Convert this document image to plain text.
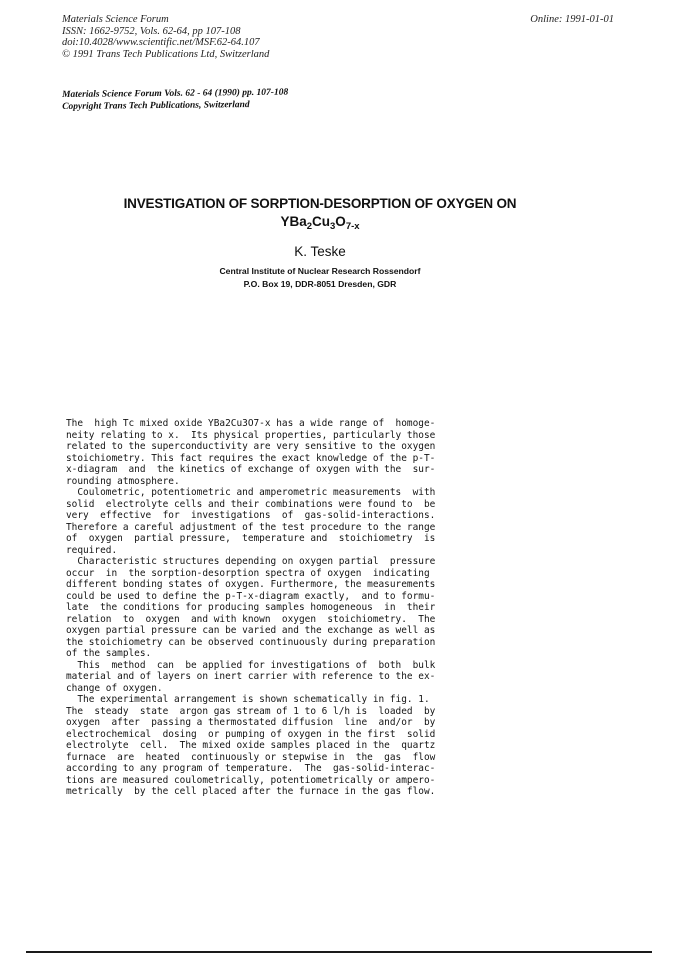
Materials Science Forum
ISSN: 1662-9752, Vols. 62-64, pp 107-108
doi:10.4028/www.scientific.net/MSF.62-64.107
© 1991 Trans Tech Publications Ltd, Switzerland
Online: 1991-01-01
Materials Science Forum Vols. 62 - 64 (1990) pp. 107-108
Copyright Trans Tech Publications, Switzerland
INVESTIGATION OF SORPTION-DESORPTION OF OXYGEN ON
$YBa_2Cu_3O_{7-x}$
K. Teske
Central Institute of Nuclear Research Rossendorf
P.O. Box 19, DDR-8051 Dresden, GDR
The  high Tc mixed oxide YBa2Cu3O7-x has a wide range of  homoge-
neity relating to x.  Its physical properties, particularly those
related to the superconductivity are very sensitive to the oxygen
stoichiometry. This fact requires the exact knowledge of the p-T-
x-diagram  and  the kinetics of exchange of oxygen with the  sur-
rounding atmosphere.
Coulometric, potentiometric and amperometric measurements  with
solid  electrolyte cells and their combinations were found to  be
very  effective  for  investigations  of  gas-solid-interactions.
Therefore a careful adjustment of the test procedure to the range
of  oxygen  partial pressure,  temperature and  stoichiometry  is
required.
Characteristic structures depending on oxygen partial  pressure
occur  in  the sorption-desorption spectra of oxygen  indicating
different bonding states of oxygen. Furthermore, the measurements
could be used to define the p-T-x-diagram exactly,  and to formu-
late  the conditions for producing samples homogeneous  in  their
relation  to  oxygen  and with known  oxygen  stoichiometry.  The
oxygen partial pressure can be varied and the exchange as well as
the stoichiometry can be observed continuously during preparation
of the samples.
This  method  can  be applied for investigations of  both  bulk
material and of layers on inert carrier with reference to the ex-
change of oxygen.
The experimental arrangement is shown schematically in fig. 1.
The  steady  state  argon gas stream of 1 to 6 l/h is  loaded  by
oxygen  after  passing a thermostated diffusion  line  and/or  by
electrochemical  dosing  or pumping of oxygen in the first  solid
electrolyte  cell.  The mixed oxide samples placed in the  quartz
furnace  are  heated  continuously or stepwise in  the  gas  flow
according to any program of temperature.  The  gas-solid-interac-
tions are measured coulometrically, potentiometrically or ampero-
metrically  by the cell placed after the furnace in the gas flow.
